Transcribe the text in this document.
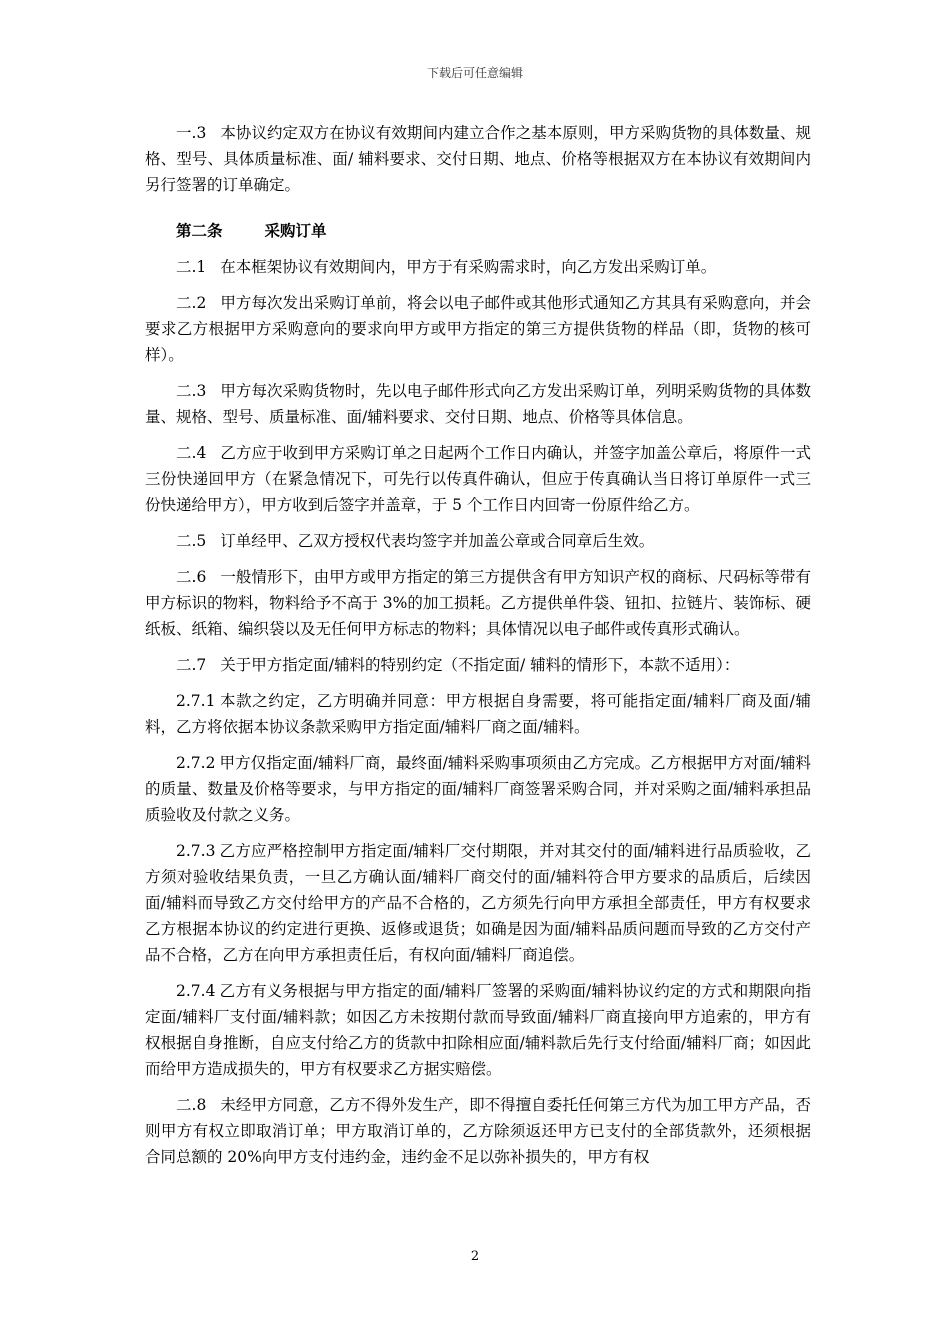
下载后可任意编辑

一.3 本协议约定双方在协议有效期间内建立合作之基本原则，甲方采购货物的具体数量、规格、型号、具体质量标准、面/ 辅料要求、交付日期、地点、价格等根据双方在本协议有效期间内另行签署的订单确定。

第二条	采购订单

二.1 在本框架协议有效期间内，甲方于有采购需求时，向乙方发出采购订单。

二.2 甲方每次发出采购订单前，将会以电子邮件或其他形式通知乙方其具有采购意向，并会要求乙方根据甲方采购意向的要求向甲方或甲方指定的第三方提供货物的样品（即，货物的核可样）。

二.3 甲方每次采购货物时，先以电子邮件形式向乙方发出采购订单，列明采购货物的具体数量、规格、型号、质量标准、面/辅料要求、交付日期、地点、价格等具体信息。

二.4 乙方应于收到甲方采购订单之日起两个工作日内确认，并签字加盖公章后，将原件一式三份快递回甲方（在紧急情况下，可先行以传真件确认，但应于传真确认当日将订单原件一式三份快递给甲方），甲方收到后签字并盖章，于 5 个工作日内回寄一份原件给乙方。

二.5 订单经甲、乙双方授权代表均签字并加盖公章或合同章后生效。

二.6 一般情形下，由甲方或甲方指定的第三方提供含有甲方知识产权的商标、尺码标等带有甲方标识的物料，物料给予不高于 3%的加工损耗。乙方提供单件袋、钮扣、拉链片、装饰标、硬纸板、纸箱、编织袋以及无任何甲方标志的物料；具体情况以电子邮件或传真形式确认。

二.7 关于甲方指定面/辅料的特别约定（不指定面/ 辅料的情形下，本款不适用）：

2.7.1 本款之约定，乙方明确并同意：甲方根据自身需要，将可能指定面/辅料厂商及面/辅料，乙方将依据本协议条款采购甲方指定面/辅料厂商之面/辅料。

2.7.2 甲方仅指定面/辅料厂商，最终面/辅料采购事项须由乙方完成。乙方根据甲方对面/辅料的质量、数量及价格等要求，与甲方指定的面/辅料厂商签署采购合同，并对采购之面/辅料承担品质验收及付款之义务。

2.7.3 乙方应严格控制甲方指定面/辅料厂交付期限，并对其交付的面/辅料进行品质验收，乙方须对验收结果负责，一旦乙方确认面/辅料厂商交付的面/辅料符合甲方要求的品质后，后续因面/辅料而导致乙方交付给甲方的产品不合格的，乙方须先行向甲方承担全部责任，甲方有权要求乙方根据本协议的约定进行更换、返修或退货；如确是因为面/辅料品质问题而导致的乙方交付产品不合格，乙方在向甲方承担责任后，有权向面/辅料厂商追偿。

2.7.4 乙方有义务根据与甲方指定的面/辅料厂签署的采购面/辅料协议约定的方式和期限向指定面/辅料厂支付面/辅料款；如因乙方未按期付款而导致面/辅料厂商直接向甲方追索的，甲方有权根据自身推断，自应支付给乙方的货款中扣除相应面/辅料款后先行支付给面/辅料厂商；如因此而给甲方造成损失的，甲方有权要求乙方据实赔偿。

二.8 未经甲方同意，乙方不得外发生产，即不得擅自委托任何第三方代为加工甲方产品，否则甲方有权立即取消订单；甲方取消订单的，乙方除须返还甲方已支付的全部货款外，还须根据合同总额的 20%向甲方支付违约金，违约金不足以弥补损失的，甲方有权

2
